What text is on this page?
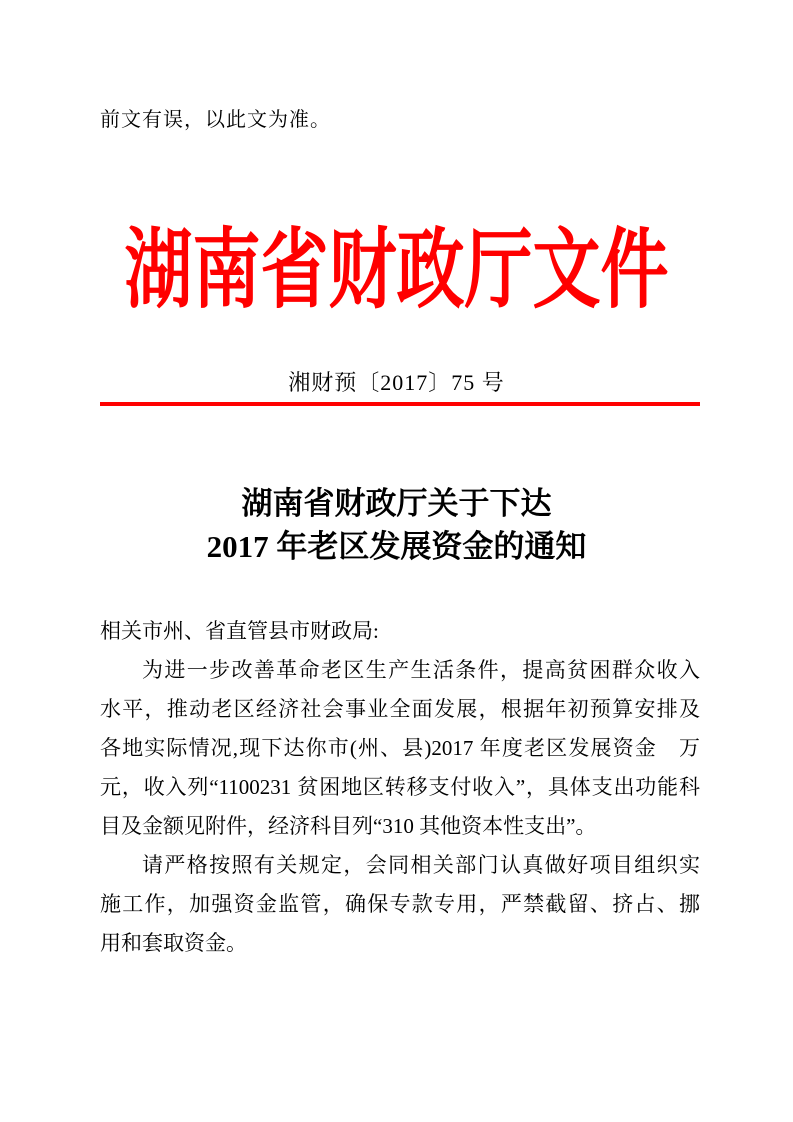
前文有误，以此文为准。
湖南省财政厅文件
湘财预〔2017〕75 号
湖南省财政厅关于下达
2017 年老区发展资金的通知
相关市州、省直管县市财政局:
为进一步改善革命老区生产生活条件，提高贫困群众收入
水平，推动老区经济社会事业全面发展，根据年初预算安排及
各地实际情况,现下达你市(州、县)2017 年度老区发展资金　万
元，收入列“1100231 贫困地区转移支付收入”，具体支出功能科
目及金额见附件，经济科目列“310 其他资本性支出”。
请严格按照有关规定，会同相关部门认真做好项目组织实
施工作，加强资金监管，确保专款专用，严禁截留、挤占、挪
用和套取资金。
